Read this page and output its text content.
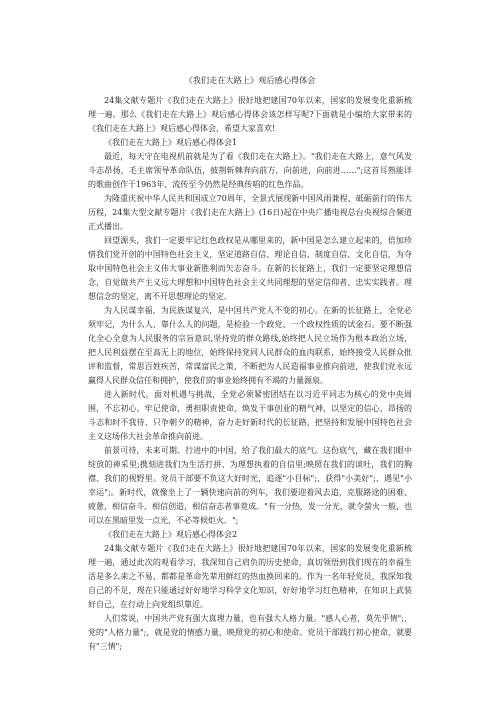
《我们走在大路上》观后感心得体会

24集文献专题片《我们走在大路上》很好地把建国70年以来，国家的发展变化重新梳理一遍。那么《我们走在大路上》观后感心得体会该怎样写呢?下面就是小编给大家带来的《我们走在大路上》观后感心得体会，希望大家喜欢!

《我们走在大路上》观后感心得体会1

最近，每天守在电视机前就是为了看《我们走在大路上》。"我们走在大路上，意气风发斗志昂扬，毛主席领导革命队伍，披荆斩棘奔向前方，向前进，向前进……";这首耳熟能详的歌曲创作于1963年，流传至今仍然是经典传唱的红色作品。

为隆重庆祝中华人民共和国成立70周年，全景式展现新中国风雨兼程、砥砺前行的伟大历程，24集大型文献专题片《我们走在大路上》(16日)起在中央广播电视总台央视综合频道正式播出。

回望源头，我们一定要牢记红色政权是从哪里来的，新中国是怎么建立起来的，倍加珍惜我们党开创的中国特色社会主义，坚定道路自信、理论自信、制度自信、文化自信，为夺取中国特色社会主义伟大事业新胜利而矢志奋斗。在新的长征路上，我们一定要坚定理想信念，自觉做共产主义远大理想和中国特色社会主义共同理想的坚定信仰者、忠实实践者。理想信念的坚定，离不开思想理论的坚定。

为人民谋幸福，为民族谋复兴，是中国共产党人不变的初心。在新的长征路上，全党必须牢记，为什么人、靠什么人的问题，是检验一个政党、一个政权性质的试金石。要不断强化全心全意为人民服务的宗旨意识,坚持党的群众路线,始终把人民立场作为根本政治立场，把人民利益摆在至高无上的地位，始终保持党同人民群众的血肉联系，始终接受人民群众批评和监督，常思百姓疾苦，常谋富民之策，不断把为人民造福事业推向前进，使我们党永远赢得人民群众信任和拥护，使我们的事业始终拥有不竭的力量源泉。

进入新时代，面对机遇与挑战，全党必须紧密团结在以习近平同志为核心的党中央周围，不忘初心，牢记使命，勇担职责使命，焕发干事创业的精气神，以坚定的信心、昂扬的斗志和时不我待、只争朝夕的精神，奋力走好新时代的长征路，把坚持和发展中国特色社会主义这场伟大社会革命推向前进。

前景可待，未来可期。行进中的中国，给了我们最大的底气。这份底气，藏在我们眼中绽放的神采里;携刻进我们为生活打拼、为理想执着的自信里;映照在我们的谈吐，我们的胸襟、我们的视野里。党员干部要不负这大好时光，追逐"小目标";、获得"小美好";、遇见"小幸运";。新时代，就像坐上了一辆快速向前的列车，我们要迎着风去追，克服路途的困难、疲惫，相信奋斗、相信创造，相信奋志者事竟成。"有一分热，发一分光，就令萤火一般，也可以在黑暗里发一点光，不必等候炬火。";

《我们走在大路上》观后感心得体会2

24集文献专题片《我们走在大路上》很好地把建国70年以来，国家的发展变化重新梳理一遍，通过此次的观看学习，我深知自己肩负的历史使命，真切领悟到我们现在的幸福生活是多么来之不易，都都是革命先辈用鲜红的热血换回来的。作为一名年轻党员，我深知我自己的不足，现在只能通过好好地学习科学文化知识，好好地学习红色精神，在知识上武装好自己，在行动上向党组织靠近。

人们常说，中国共产党有强大真理力量，也有强大人格力量。"感人心者，莫先乎情";，党的"人格力量";，就是党的情感力量，映照党的初心和使命。党员干部践行初心使命，就要有"三情";
